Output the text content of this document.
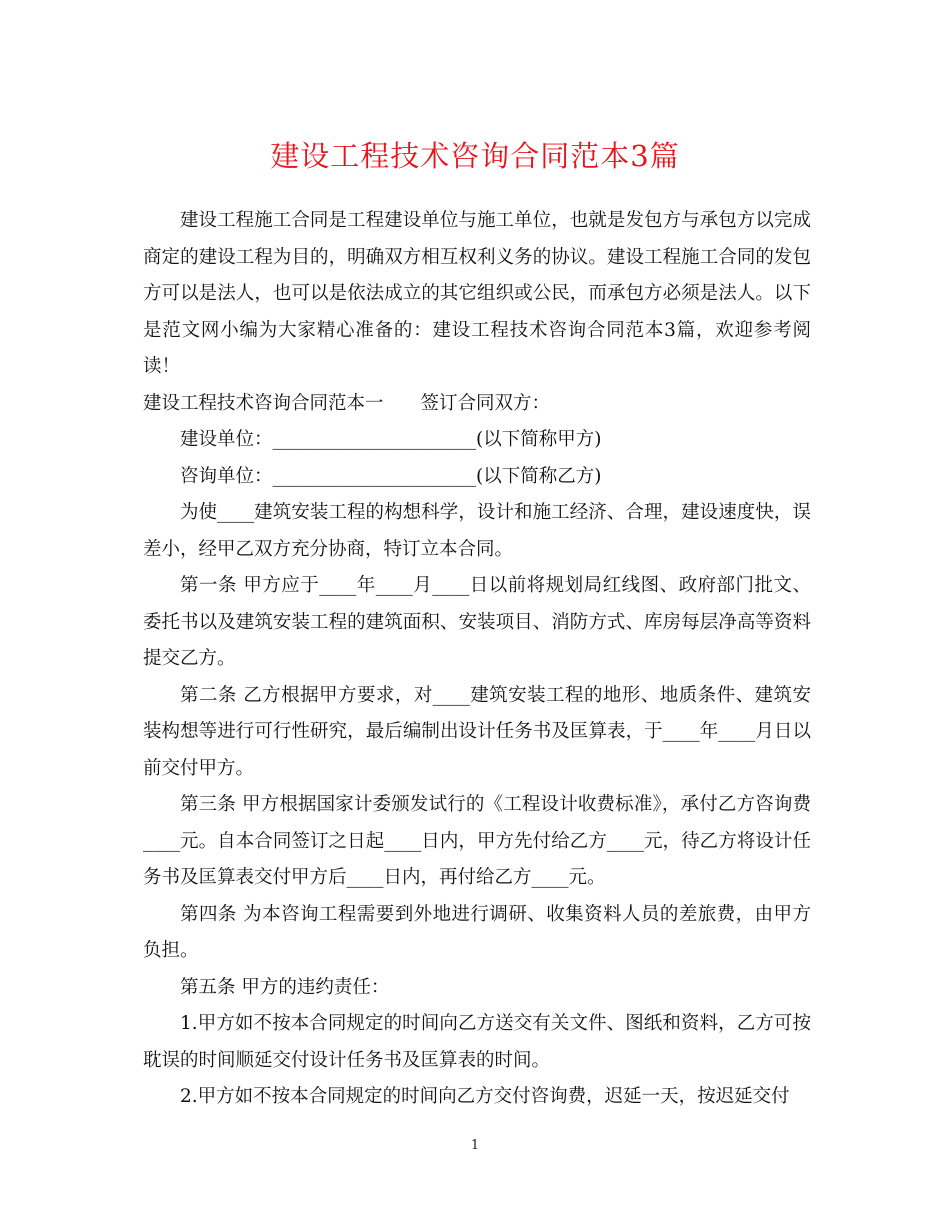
建设工程技术咨询合同范本3篇

建设工程施工合同是工程建设单位与施工单位，也就是发包方与承包方以完成商定的建设工程为目的，明确双方相互权利义务的协议。建设工程施工合同的发包方可以是法人，也可以是依法成立的其它组织或公民，而承包方必须是法人。以下是范文网小编为大家精心准备的：建设工程技术咨询合同范本3篇，欢迎参考阅读！

建设工程技术咨询合同范本一　　签订合同双方：

建设单位：______________________(以下简称甲方)

咨询单位：______________________(以下简称乙方)

为使____建筑安装工程的构想科学，设计和施工经济、合理，建设速度快，误差小，经甲乙双方充分协商，特订立本合同。

第一条 甲方应于____年____月____日以前将规划局红线图、政府部门批文、委托书以及建筑安装工程的建筑面积、安装项目、消防方式、库房每层净高等资料提交乙方。

第二条 乙方根据甲方要求，对____建筑安装工程的地形、地质条件、建筑安装构想等进行可行性研究，最后编制出设计任务书及匡算表，于____年____月日以前交付甲方。

第三条 甲方根据国家计委颁发试行的《工程设计收费标准》，承付乙方咨询费____元。自本合同签订之日起____日内，甲方先付给乙方____元，待乙方将设计任务书及匡算表交付甲方后____日内，再付给乙方____元。

第四条 为本咨询工程需要到外地进行调研、收集资料人员的差旅费，由甲方负担。

第五条 甲方的违约责任：

1.甲方如不按本合同规定的时间向乙方送交有关文件、图纸和资料，乙方可按耽误的时间顺延交付设计任务书及匡算表的时间。

2.甲方如不按本合同规定的时间向乙方交付咨询费，迟延一天，按迟延交付

1
